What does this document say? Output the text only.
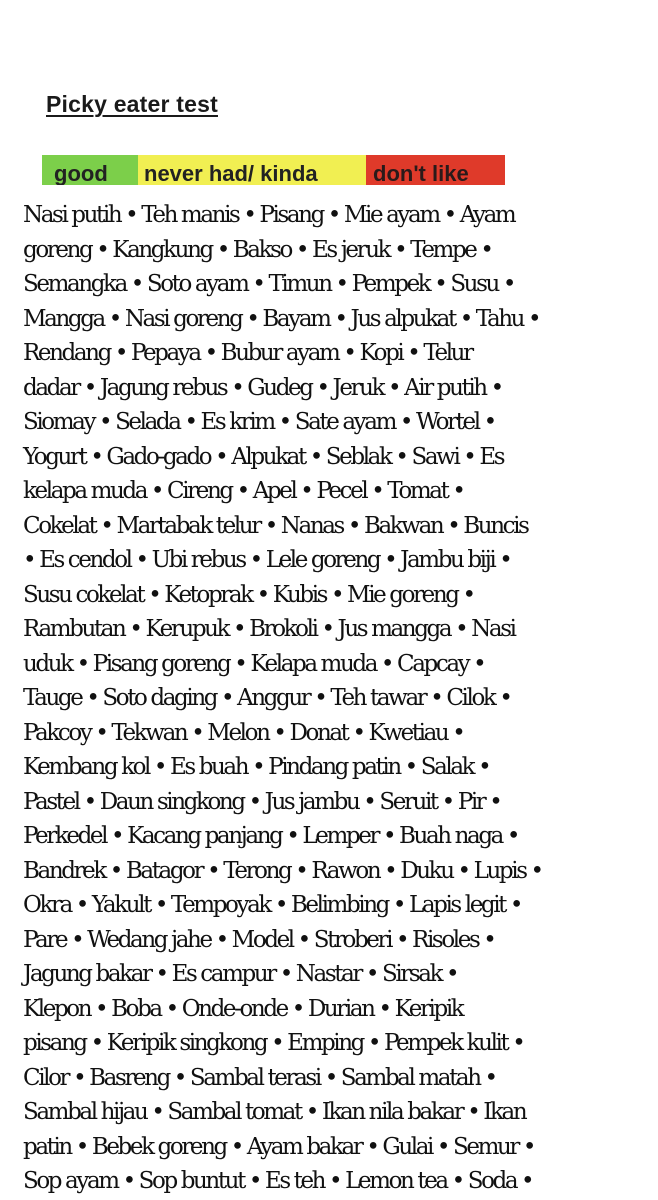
Picky eater test
good	never had/ kinda	don't like
Nasi putih • Teh manis • Pisang • Mie ayam • Ayam
goreng • Kangkung • Bakso • Es jeruk • Tempe •
Semangka • Soto ayam • Timun • Pempek • Susu •
Mangga • Nasi goreng • Bayam • Jus alpukat • Tahu •
Rendang • Pepaya • Bubur ayam • Kopi • Telur
dadar • Jagung rebus • Gudeg • Jeruk • Air putih •
Siomay • Selada • Es krim • Sate ayam • Wortel •
Yogurt • Gado-gado • Alpukat • Seblak • Sawi • Es
kelapa muda • Cireng • Apel • Pecel • Tomat •
Cokelat • Martabak telur • Nanas • Bakwan • Buncis
• Es cendol • Ubi rebus • Lele goreng • Jambu biji •
Susu cokelat • Ketoprak • Kubis • Mie goreng •
Rambutan • Kerupuk • Brokoli • Jus mangga • Nasi
uduk • Pisang goreng • Kelapa muda • Capcay •
Tauge • Soto daging • Anggur • Teh tawar • Cilok •
Pakcoy • Tekwan • Melon • Donat • Kwetiau •
Kembang kol • Es buah • Pindang patin • Salak •
Pastel • Daun singkong • Jus jambu • Seruit • Pir •
Perkedel • Kacang panjang • Lemper • Buah naga •
Bandrek • Batagor • Terong • Rawon • Duku • Lupis •
Okra • Yakult • Tempoyak • Belimbing • Lapis legit •
Pare • Wedang jahe • Model • Stroberi • Risoles •
Jagung bakar • Es campur • Nastar • Sirsak •
Klepon • Boba • Onde-onde • Durian • Keripik
pisang • Keripik singkong • Emping • Pempek kulit •
Cilor • Basreng • Sambal terasi • Sambal matah •
Sambal hijau • Sambal tomat • Ikan nila bakar • Ikan
patin • Bebek goreng • Ayam bakar • Gulai • Semur •
Sop ayam • Sop buntut • Es teh • Lemon tea • Soda •
